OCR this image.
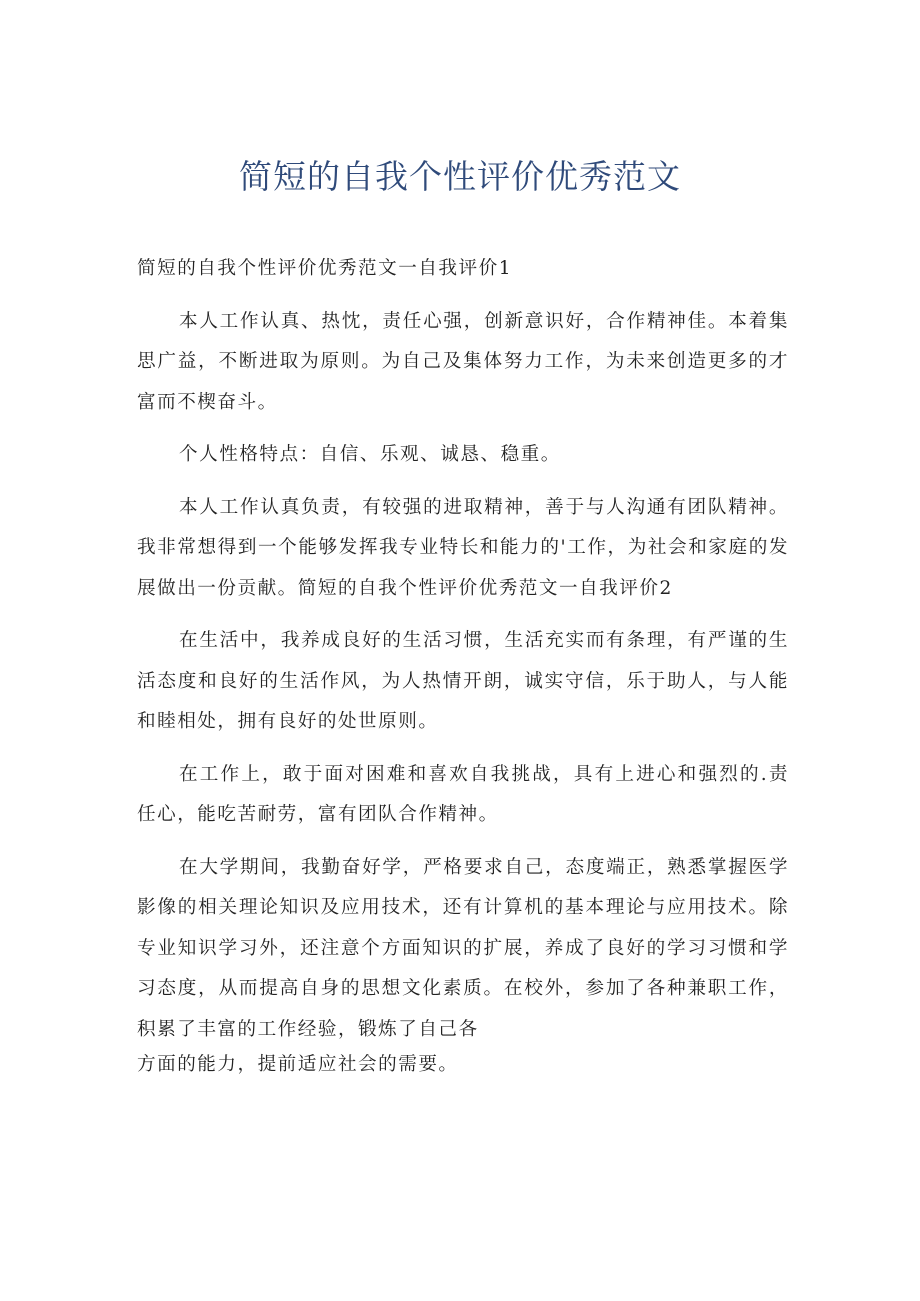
简短的自我个性评价优秀范文

简短的自我个性评价优秀范文一自我评价1

本人工作认真、热忱，责任心强，创新意识好，合作精神佳。本着集思广益，不断进取为原则。为自己及集体努力工作，为未来创造更多的才富而不楔奋斗。

个人性格特点：自信、乐观、诚恳、稳重。

本人工作认真负责，有较强的进取精神，善于与人沟通有团队精神。我非常想得到一个能够发挥我专业特长和能力的'工作，为社会和家庭的发展做出一份贡献。简短的自我个性评价优秀范文一自我评价2

在生活中，我养成良好的生活习惯，生活充实而有条理，有严谨的生活态度和良好的生活作风，为人热情开朗，诚实守信，乐于助人，与人能和睦相处，拥有良好的处世原则。

在工作上，敢于面对困难和喜欢自我挑战，具有上进心和强烈的.责任心，能吃苦耐劳，富有团队合作精神。

在大学期间，我勤奋好学，严格要求自己，态度端正，熟悉掌握医学影像的相关理论知识及应用技术，还有计算机的基本理论与应用技术。除专业知识学习外，还注意个方面知识的扩展，养成了良好的学习习惯和学习态度，从而提高自身的思想文化素质。在校外，参加了各种兼职工作，积累了丰富的工作经验，锻炼了自己各

方面的能力，提前适应社会的需要。
